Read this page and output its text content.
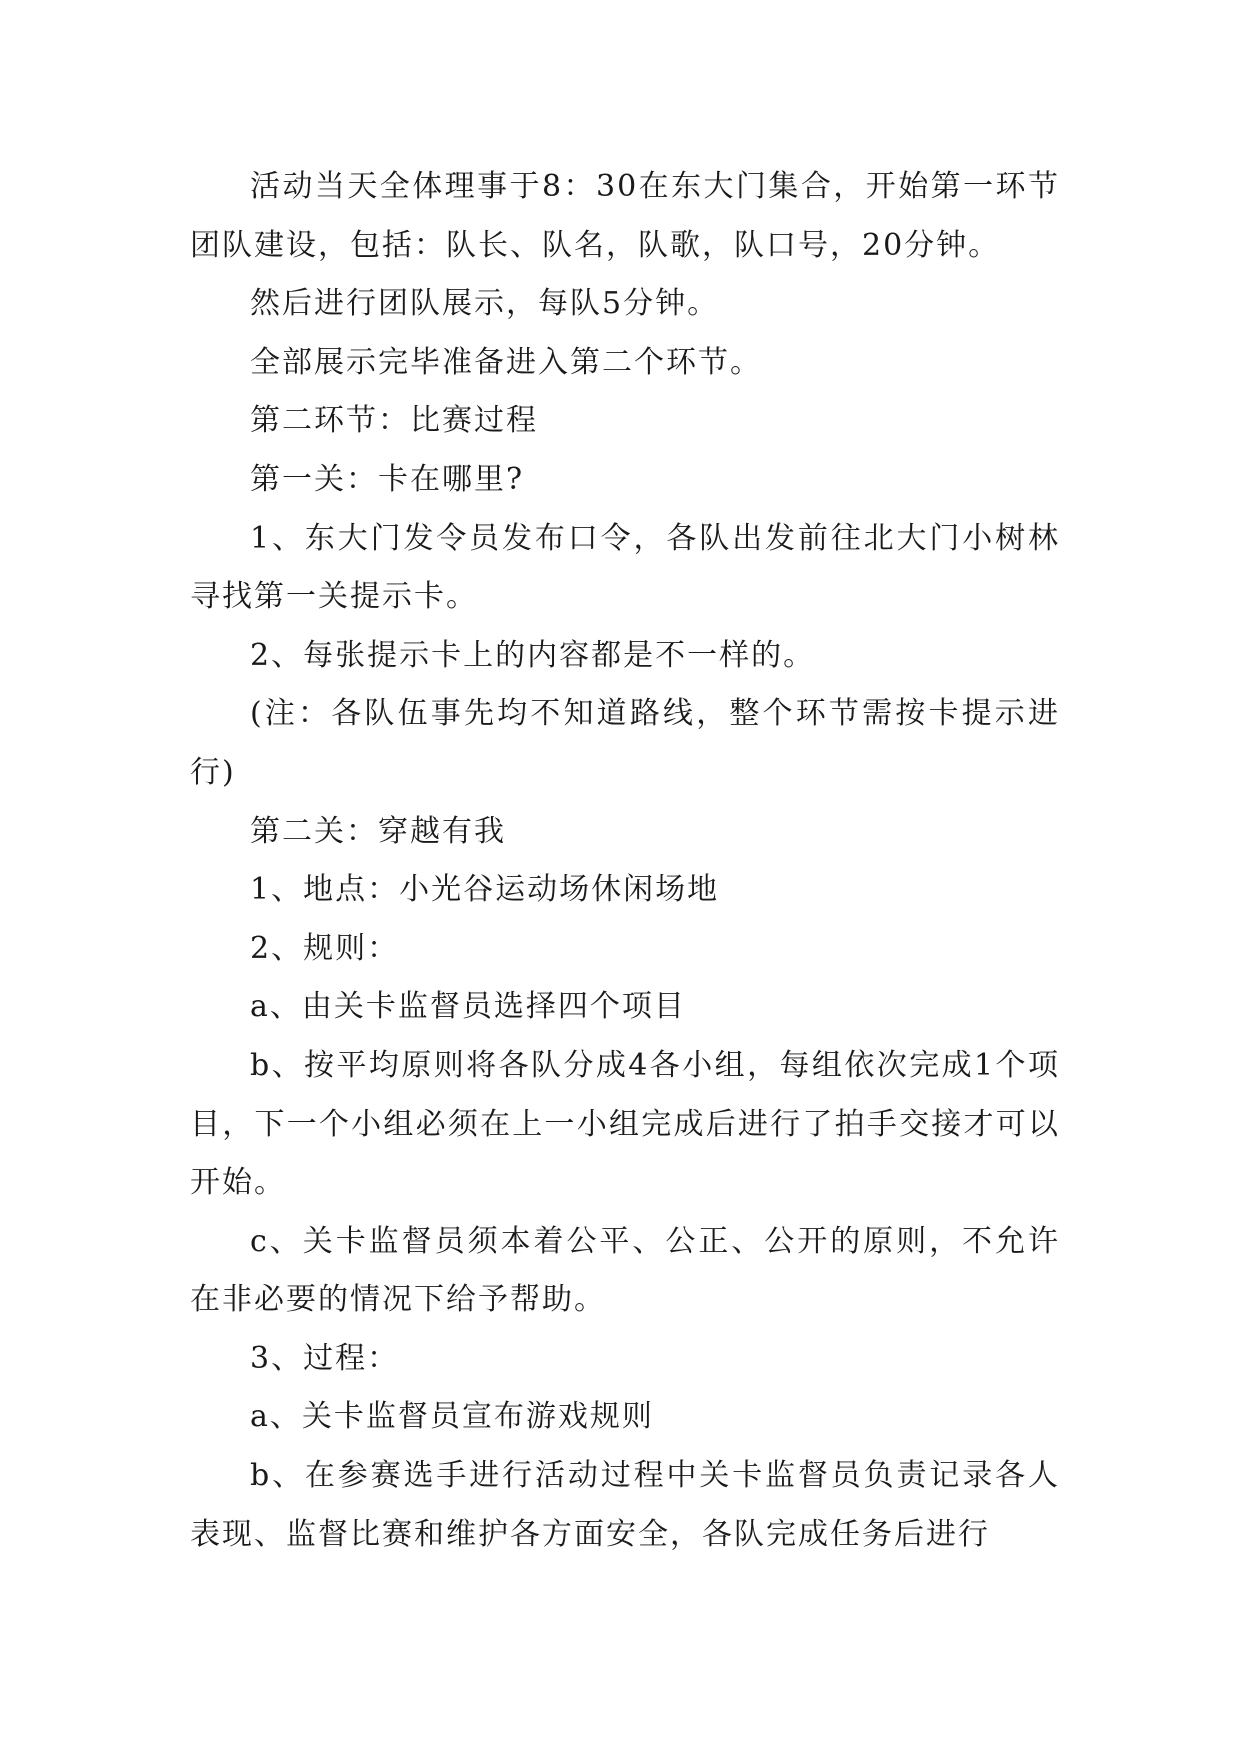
活动当天全体理事于8：30在东大门集合，开始第一环节团队建设，包括：队长、队名，队歌，队口号，20分钟。

然后进行团队展示，每队5分钟。

全部展示完毕准备进入第二个环节。

第二环节：比赛过程

第一关：卡在哪里?

1、东大门发令员发布口令，各队出发前往北大门小树林寻找第一关提示卡。

2、每张提示卡上的内容都是不一样的。

(注：各队伍事先均不知道路线，整个环节需按卡提示进行)

第二关：穿越有我

1、地点：小光谷运动场休闲场地

2、规则：

a、由关卡监督员选择四个项目

b、按平均原则将各队分成4各小组，每组依次完成1个项目，下一个小组必须在上一小组完成后进行了拍手交接才可以开始。

c、关卡监督员须本着公平、公正、公开的原则，不允许在非必要的情况下给予帮助。

3、过程：

a、关卡监督员宣布游戏规则

b、在参赛选手进行活动过程中关卡监督员负责记录各人表现、监督比赛和维护各方面安全，各队完成任务后进行
